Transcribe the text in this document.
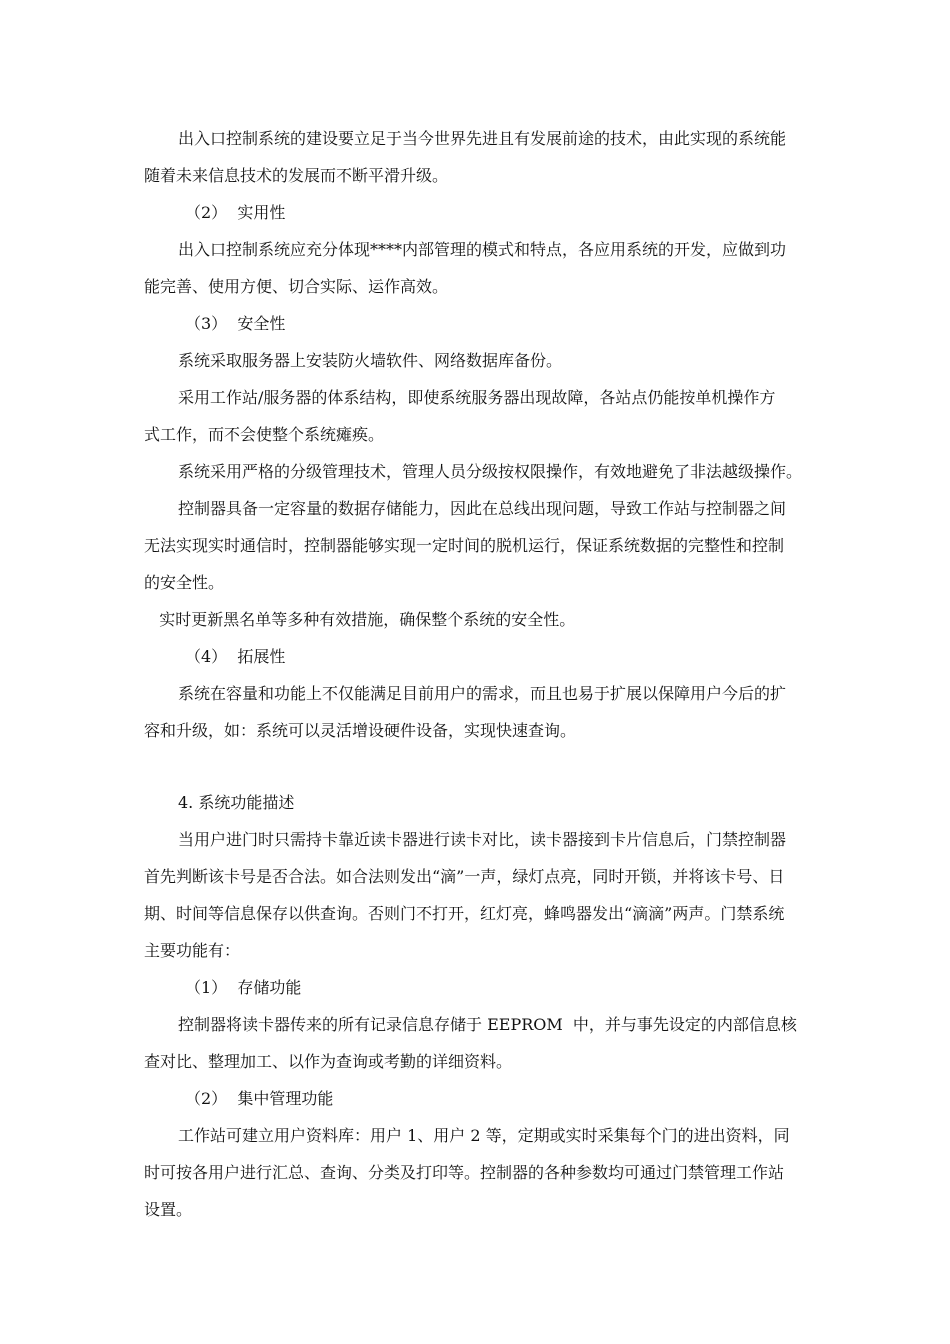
出入口控制系统的建设要立足于当今世界先进且有发展前途的技术，由此实现的系统能
随着未来信息技术的发展而不断平滑升级。
（2）  实用性
出入口控制系统应充分体现****内部管理的模式和特点，各应用系统的开发，应做到功
能完善、使用方便、切合实际、运作高效。
（3）  安全性
系统采取服务器上安装防火墙软件、网络数据库备份。
采用工作站/服务器的体系结构，即使系统服务器出现故障，各站点仍能按单机操作方
式工作，而不会使整个系统瘫痪。
系统采用严格的分级管理技术，管理人员分级按权限操作，有效地避免了非法越级操作。
控制器具备一定容量的数据存储能力，因此在总线出现问题，导致工作站与控制器之间
无法实现实时通信时，控制器能够实现一定时间的脱机运行，保证系统数据的完整性和控制
的安全性。
实时更新黑名单等多种有效措施，确保整个系统的安全性。
（4）  拓展性
系统在容量和功能上不仅能满足目前用户的需求，而且也易于扩展以保障用户今后的扩
容和升级，如：系统可以灵活增设硬件设备，实现快速查询。
4. 系统功能描述
当用户进门时只需持卡靠近读卡器进行读卡对比，读卡器接到卡片信息后，门禁控制器
首先判断该卡号是否合法。如合法则发出“滴”一声，绿灯点亮，同时开锁，并将该卡号、日
期、时间等信息保存以供查询。否则门不打开，红灯亮，蜂鸣器发出“滴滴”两声。门禁系统
主要功能有：
（1）  存储功能
控制器将读卡器传来的所有记录信息存储于 EEPROM  中，并与事先设定的内部信息核
查对比、整理加工、以作为查询或考勤的详细资料。
（2）  集中管理功能
工作站可建立用户资料库：用户 1、用户 2 等，定期或实时采集每个门的进出资料，同
时可按各用户进行汇总、查询、分类及打印等。控制器的各种参数均可通过门禁管理工作站
设置。
